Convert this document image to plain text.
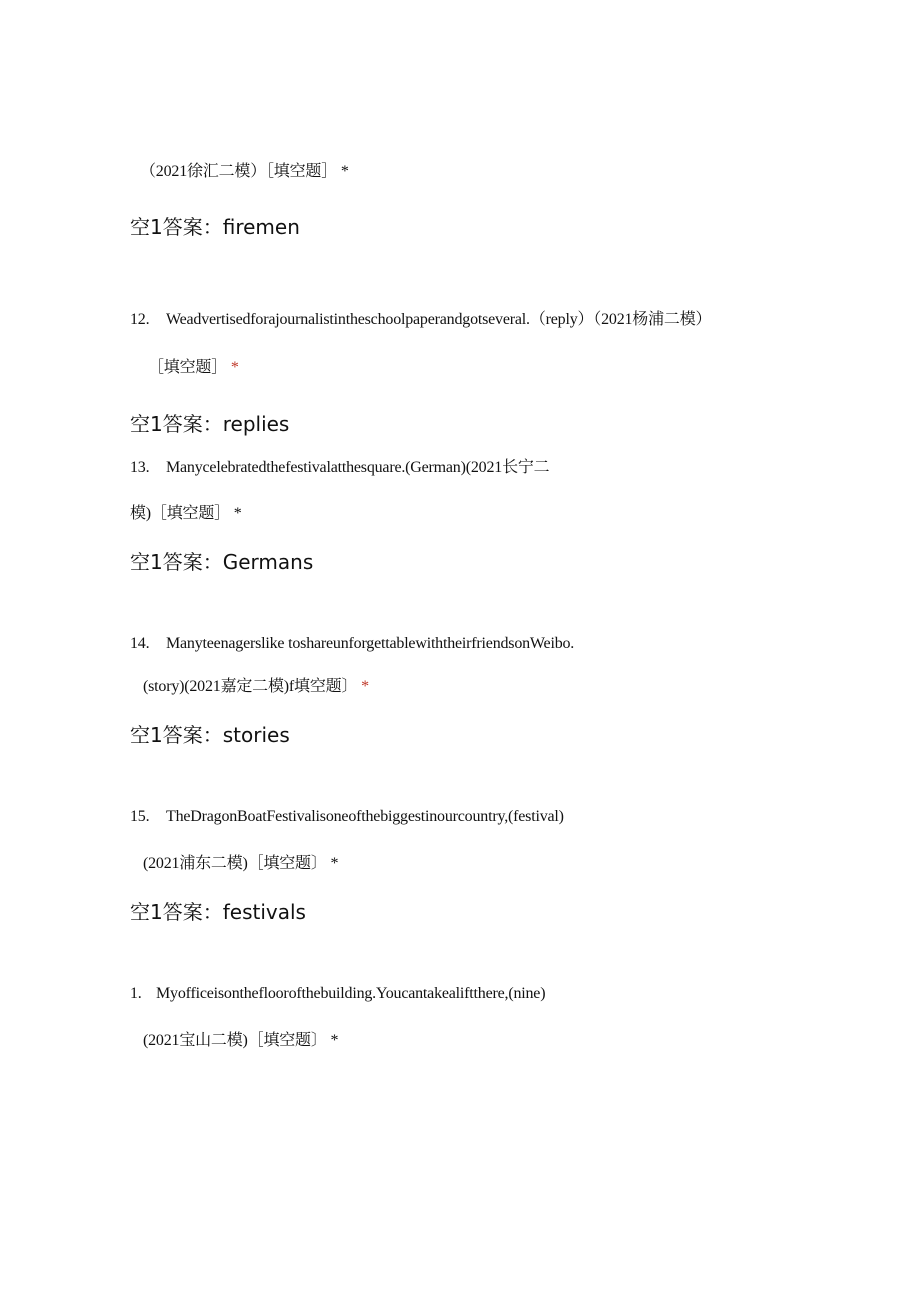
（2021徐汇二模）［填空题］ *
空1答案：firemen
12. Weadvertisedforajournalistintheschoolpaperandgotseveral.（reply）（2021杨浦二模）
［填空题］ *
空1答案：replies
13. Manycelebratedthefestivalatthesquare.(German)(2021长宁二
模)［填空题］ *
空1答案：Germans
14. Manyteenagerslike toshareunforgettablewiththeirfriendsonWeibo.
(story)(2021嘉定二模)f填空题〕 *
空1答案：stories
15. TheDragonBoatFestivalisoneofthebiggestinourcountry,(festival)
(2021浦东二模)［填空题〕 *
空1答案：festivals
1. Myofficeisonthefloorofthebuilding.Youcantakealiftthere,(nine)
(2021宝山二模)［填空题〕 *
